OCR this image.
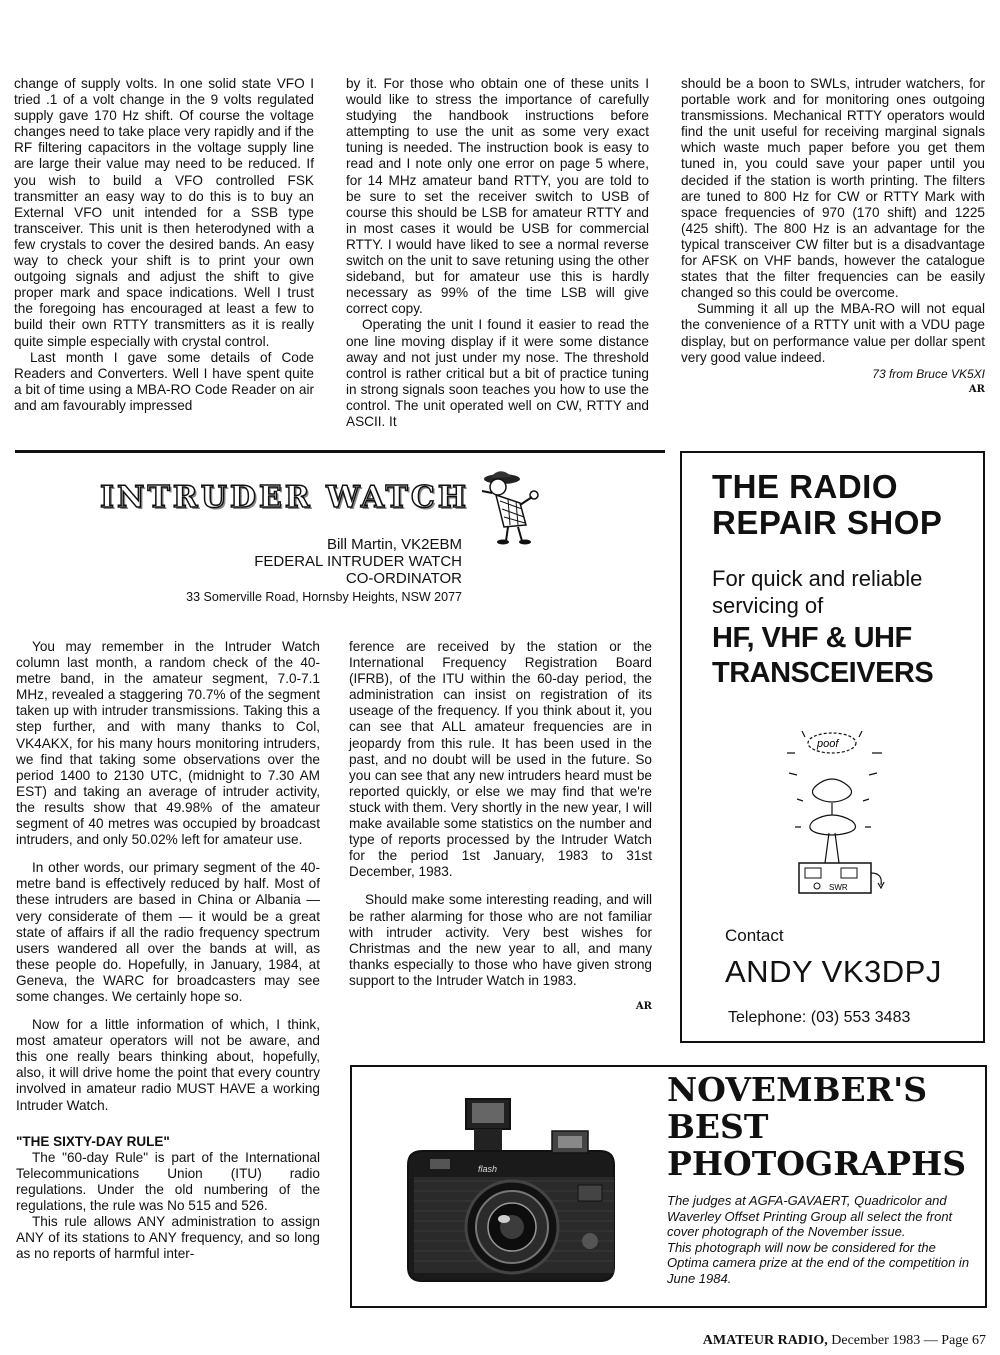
change of supply volts. In one solid state VFO I tried .1 of a volt change in the 9 volts regulated supply gave 170 Hz shift. Of course the voltage changes need to take place very rapidly and if the RF filtering capacitors in the voltage supply line are large their value may need to be reduced. If you wish to build a VFO controlled FSK transmitter an easy way to do this is to buy an External VFO unit intended for a SSB type transceiver. This unit is then heterodyned with a few crystals to cover the desired bands. An easy way to check your shift is to print your own outgoing signals and adjust the shift to give proper mark and space indications. Well I trust the foregoing has encouraged at least a few to build their own RTTY transmitters as it is really quite simple especially with crystal control.

Last month I gave some details of Code Readers and Converters. Well I have spent quite a bit of time using a MBA-RO Code Reader on air and am favourably impressed

by it. For those who obtain one of these units I would like to stress the importance of carefully studying the handbook instructions before attempting to use the unit as some very exact tuning is needed. The instruction book is easy to read and I note only one error on page 5 where, for 14 MHz amateur band RTTY, you are told to be sure to set the receiver switch to USB of course this should be LSB for amateur RTTY and in most cases it would be USB for commercial RTTY. I would have liked to see a normal reverse switch on the unit to save retuning using the other sideband, but for amateur use this is hardly necessary as 99% of the time LSB will give correct copy.

Operating the unit I found it easier to read the one line moving display if it were some distance away and not just under my nose. The threshold control is rather critical but a bit of practice tuning in strong signals soon teaches you how to use the control. The unit operated well on CW, RTTY and ASCII. It

should be a boon to SWLs, intruder watchers, for portable work and for monitoring ones outgoing transmissions. Mechanical RTTY operators would find the unit useful for receiving marginal signals which waste much paper before you get them tuned in, you could save your paper until you decided if the station is worth printing. The filters are tuned to 800 Hz for CW or RTTY Mark with space frequencies of 970 (170 shift) and 1225 (425 shift). The 800 Hz is an advantage for the typical transceiver CW filter but is a disadvantage for AFSK on VHF bands, however the catalogue states that the filter frequencies can be easily changed so this could be overcome.

Summing it all up the MBA-RO will not equal the convenience of a RTTY unit with a VDU page display, but on performance value per dollar spent very good value indeed.

73 from Bruce VK5XI
AR
INTRUDER WATCH
Bill Martin, VK2EBM
FEDERAL INTRUDER WATCH
CO-ORDINATOR
33 Somerville Road, Hornsby Heights, NSW 2077

You may remember in the Intruder Watch column last month, a random check of the 40-metre band, in the amateur segment, 7.0-7.1 MHz, revealed a staggering 70.7% of the segment taken up with intruder transmissions. Taking this a step further, and with many thanks to Col, VK4AKX, for his many hours monitoring intruders, we find that taking some observations over the period 1400 to 2130 UTC, (midnight to 7.30 AM EST) and taking an average of intruder activity, the results show that 49.98% of the amateur segment of 40 metres was occupied by broadcast intruders, and only 50.02% left for amateur use.

In other words, our primary segment of the 40-metre band is effectively reduced by half. Most of these intruders are based in China or Albania — very considerate of them — it would be a great state of affairs if all the radio frequency spectrum users wandered all over the bands at will, as these people do. Hopefully, in January, 1984, at Geneva, the WARC for broadcasters may see some changes. We certainly hope so.

Now for a little information of which, I think, most amateur operators will not be aware, and this one really bears thinking about, hopefully, also, it will drive home the point that every country involved in amateur radio MUST HAVE a working Intruder Watch.

"THE SIXTY-DAY RULE"

The "60-day Rule" is part of the International Telecommunications Union (ITU) radio regulations. Under the old numbering of the regulations, the rule was No 515 and 526.

This rule allows ANY administration to assign ANY of its stations to ANY frequency, and so long as no reports of harmful inter-

ference are received by the station or the International Frequency Registration Board (IFRB), of the ITU within the 60-day period, the administration can insist on registration of its useage of the frequency. If you think about it, you can see that ALL amateur frequencies are in jeopardy from this rule. It has been used in the past, and no doubt will be used in the future. So you can see that any new intruders heard must be reported quickly, or else we may find that we're stuck with them. Very shortly in the new year, I will make available some statistics on the number and type of reports processed by the Intruder Watch for the period 1st January, 1983 to 31st December, 1983.

Should make some interesting reading, and will be rather alarming for those who are not familiar with intruder activity. Very best wishes for Christmas and the new year to all, and many thanks especially to those who have given strong support to the Intruder Watch in 1983.

AR
THE RADIO
REPAIR SHOP
For quick and reliable
servicing of
HF, VHF & UHF
TRANSCEIVERS
poof
SWR
Contact
ANDY VK3DPJ
Telephone: (03) 553 3483
flash
NOVEMBER'S
BEST
PHOTOGRAPHS
The judges at AGFA-GAVAERT, Quadricolor and Waverley Offset Printing Group all select the front cover photograph of the November issue.
This photograph will now be considered for the Optima camera prize at the end of the competition in June 1984.
AMATEUR RADIO, December 1983 — Page 67
